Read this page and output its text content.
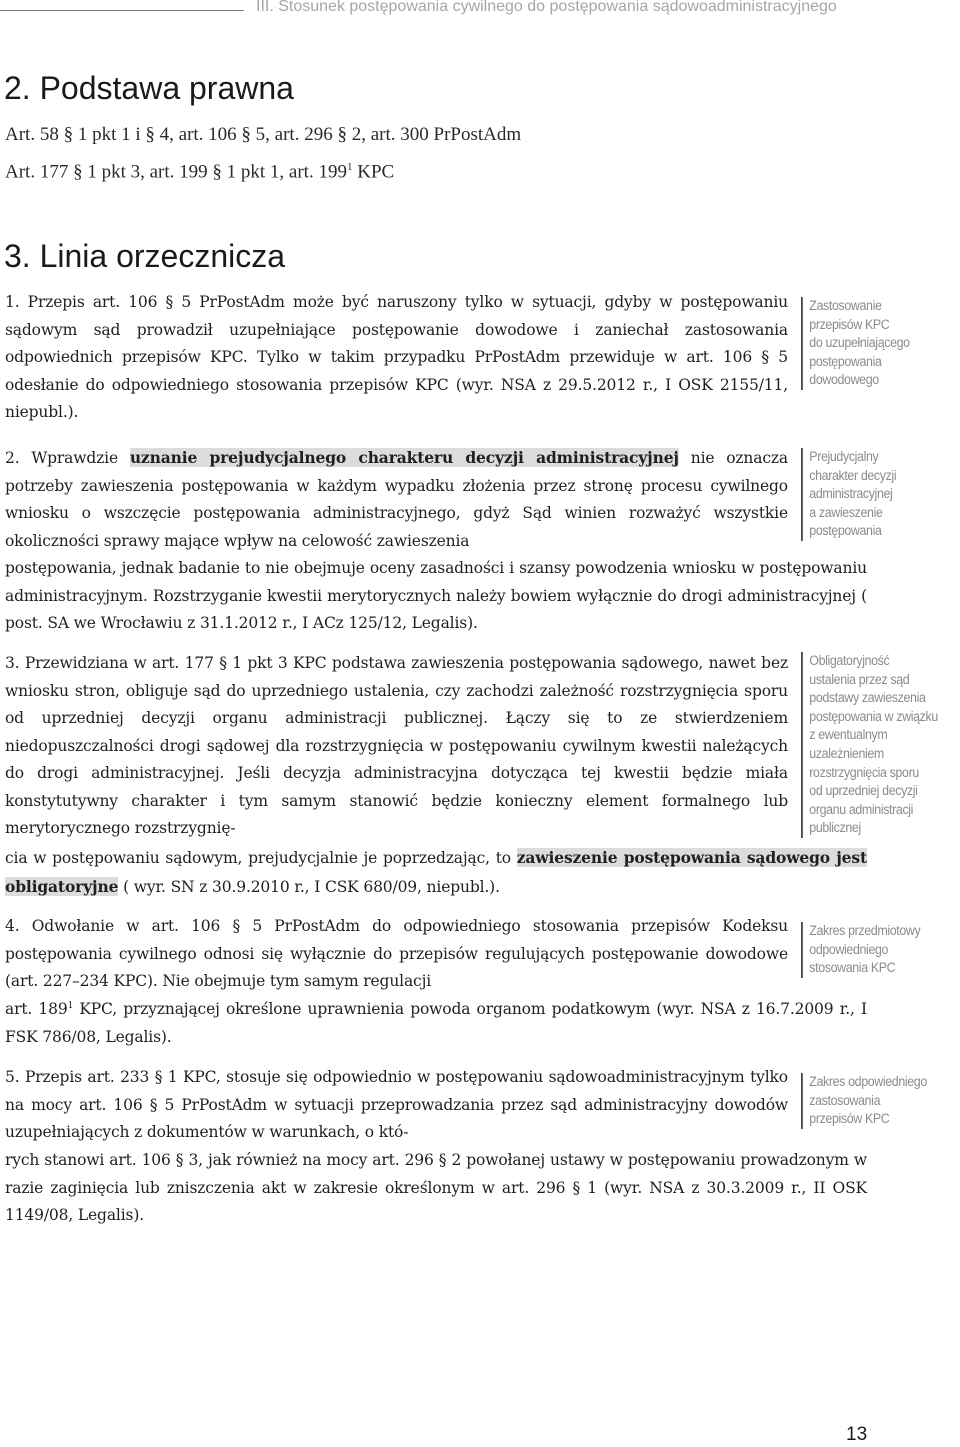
III. Stosunek postępowania cywilnego do postępowania sądowoadministracyjnego
2. Podstawa prawna
Art. 58 § 1 pkt 1 i § 4, art. 106 § 5, art. 296 § 2, art. 300 PrPostAdm
Art. 177 § 1 pkt 3, art. 199 § 1 pkt 1, art. $199^1$ KPC
3. Linia orzecznicza

1. Przepis art. 106 § 5 PrPostAdm może być naruszony tylko w sytuacji, gdyby w postępowaniu sądowym sąd prowadził uzupełniające postępowanie dowodowe i zaniechał zastosowania odpowiednich przepisów KPC. Tylko w takim przypadku PrPostAdm przewiduje w art. 106 § 5 odesłanie do odpowiedniego stosowania przepisów KPC (wyr. NSA z 29.5.2012 r., I OSK 2155/11, niepubl.).

2. Wprawdzie uznanie prejudycjalnego charakteru decyzji administracyjnej nie oznacza potrzeby zawieszenia postępowania w każdym wypadku złożenia przez stronę procesu cywilnego wniosku o wszczęcie postępowania administracyjnego, gdyż Sąd winien rozważyć wszystkie okoliczności sprawy mające wpływ na celowość zawieszenia

postępowania, jednak badanie to nie obejmuje oceny zasadności i szansy powodzenia wniosku w postępowaniu administracyjnym. Rozstrzyganie kwestii merytorycznych należy bowiem wyłącznie do drogi administracyjnej ( post. SA we Wrocławiu z 31.1.2012 r., I ACz 125/12, Legalis).

3. Przewidziana w art. 177 § 1 pkt 3 KPC podstawa zawieszenia postępowania sądowego, nawet bez wniosku stron, obliguje sąd do uprzedniego ustalenia, czy zachodzi zależność rozstrzygnięcia sporu od uprzedniej decyzji organu administracji publicznej. Łączy się to ze stwierdzeniem niedopuszczalności drogi sądowej dla rozstrzygnięcia w postępowaniu cywilnym kwestii należących do drogi administracyjnej. Jeśli decyzja administracyjna dotycząca tej kwestii będzie miała konstytutywny charakter i tym samym stanowić będzie konieczny element formalnego lub merytorycznego rozstrzygnię-

cia w postępowaniu sądowym, prejudycjalnie je poprzedzając, to zawieszenie postępowania sądowego jest obligatoryjne ( wyr. SN z 30.9.2010 r., I CSK 680/09, niepubl.).

4. Odwołanie w art. 106 § 5 PrPostAdm do odpowiedniego stosowania przepisów Kodeksu postępowania cywilnego odnosi się wyłącznie do przepisów regulujących postępowanie dowodowe (art. 227–234 KPC). Nie obejmuje tym samym regulacji

art. $189^1$ KPC, przyznającej określone uprawnienia powoda organom podatkowym (wyr. NSA z 16.7.2009 r., I FSK 786/08, Legalis).

5. Przepis art. 233 § 1 KPC, stosuje się odpowiednio w postępowaniu sądowoadministracyjnym tylko na mocy art. 106 § 5 PrPostAdm w sytuacji przeprowadzania przez sąd administracyjny dowodów uzupełniających z dokumentów w warunkach, o któ-

rych stanowi art. 106 § 3, jak również na mocy art. 296 § 2 powołanej ustawy w postępowaniu prowadzonym w razie zaginięcia lub zniszczenia akt w zakresie określonym w art. 296 § 1 (wyr. NSA z 30.3.2009 r., II OSK 1149/08, Legalis).

Zastosowanie
przepisów KPC
do uzupełniającego
postępowania
dowodowego
Prejudycjalny
charakter decyzji
administracyjnej
a zawieszenie
postępowania
Obligatoryjność
ustalenia przez sąd
podstawy zawieszenia
postępowania w związku
z ewentualnym
uzależnieniem
rozstrzygnięcia sporu
od uprzedniej decyzji
organu administracji
publicznej
Zakres przedmiotowy
odpowiedniego
stosowania KPC
Zakres odpowiedniego
zastosowania
przepisów KPC
13
